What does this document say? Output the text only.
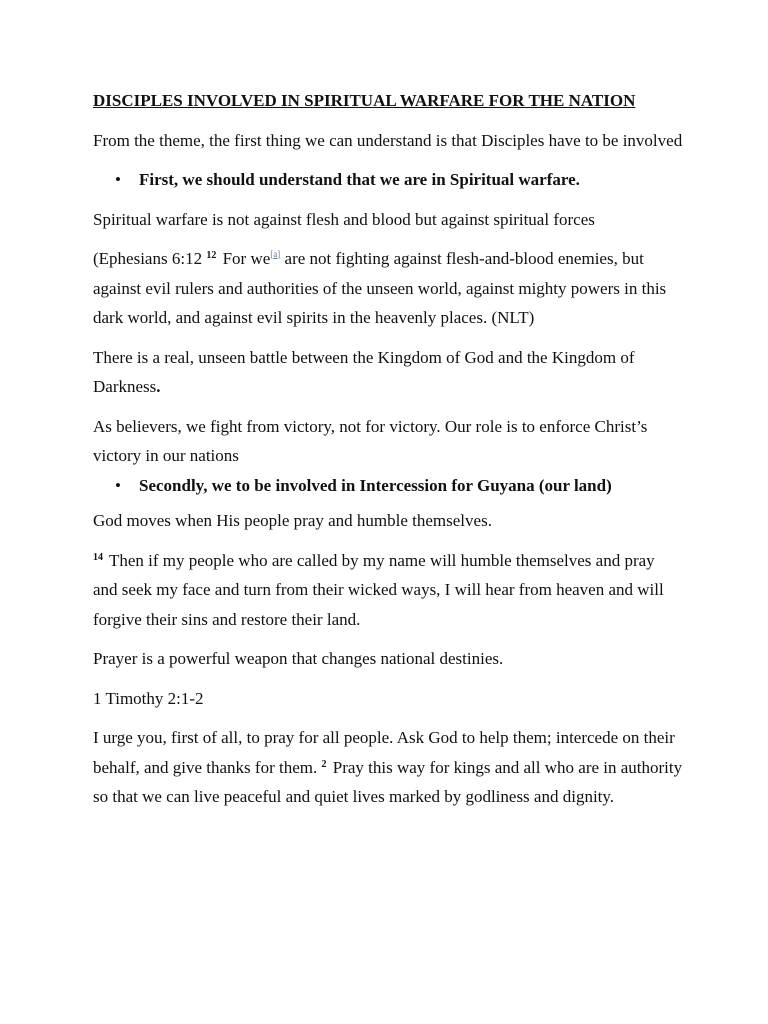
DISCIPLES INVOLVED IN SPIRITUAL WARFARE FOR THE NATION

From the theme, the first thing we can understand is that Disciples have to be involved

• First, we should understand that we are in Spiritual warfare.

Spiritual warfare is not against flesh and blood but against spiritual forces

(Ephesians 6:12 $^{12}$ For we[a] are not fighting against flesh-and-blood enemies, but against evil rulers and authorities of the unseen world, against mighty powers in this dark world, and against evil spirits in the heavenly places. (NLT)

There is a real, unseen battle between the Kingdom of God and the Kingdom of Darkness.

As believers, we fight from victory, not for victory. Our role is to enforce Christ’s victory in our nations

• Secondly, we to be involved in Intercession for Guyana (our land)

God moves when His people pray and humble themselves.

$^{14}$ Then if my people who are called by my name will humble themselves and pray and seek my face and turn from their wicked ways, I will hear from heaven and will forgive their sins and restore their land.

Prayer is a powerful weapon that changes national destinies.

1 Timothy 2:1-2

I urge you, first of all, to pray for all people. Ask God to help them; intercede on their behalf, and give thanks for them. $^2$ Pray this way for kings and all who are in authority so that we can live peaceful and quiet lives marked by godliness and dignity.
